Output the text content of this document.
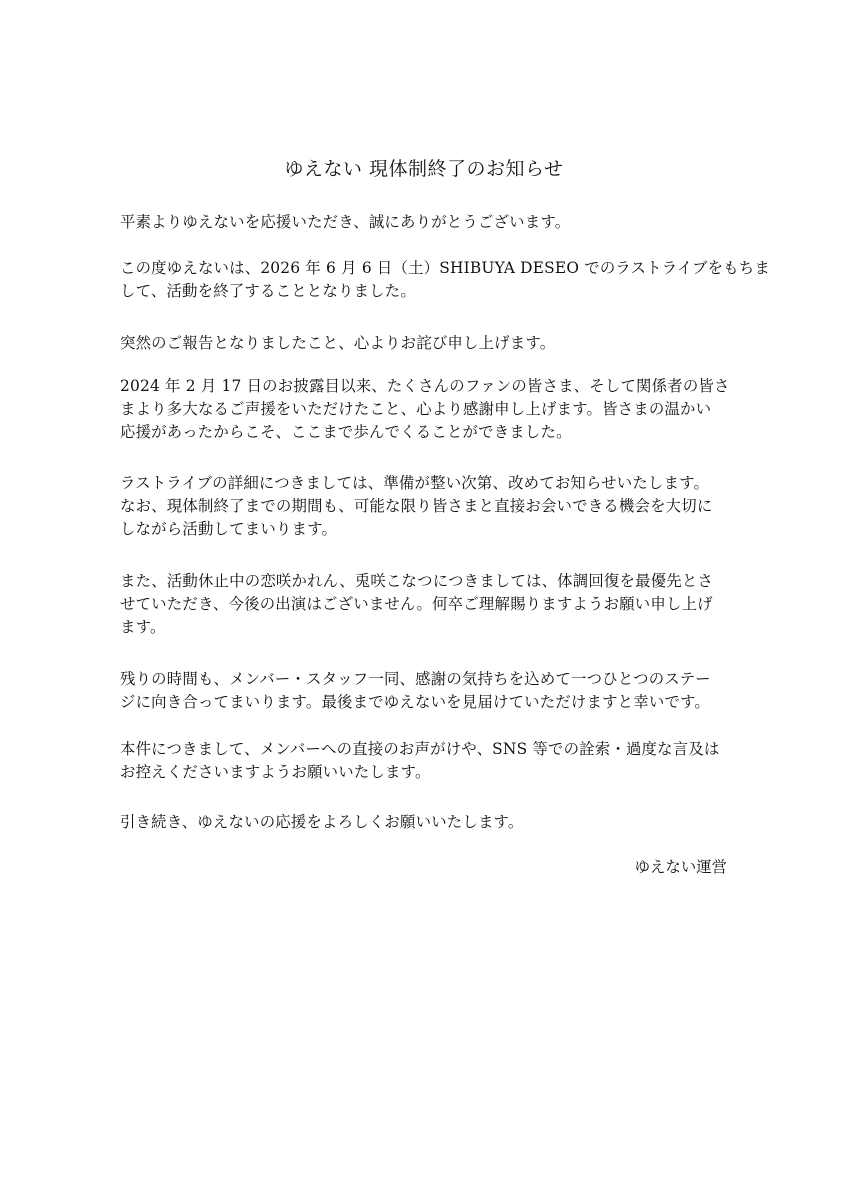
ゆえない 現体制終了のお知らせ

平素よりゆえないを応援いただき、誠にありがとうございます。

この度ゆえないは、2026 年 6 月 6 日（土）SHIBUYA DESEO でのラストライブをもちま
して、活動を終了することとなりました。

突然のご報告となりましたこと、心よりお詫び申し上げます。

2024 年 2 月 17 日のお披露目以来、たくさんのファンの皆さま、そして関係者の皆さ
まより多大なるご声援をいただけたこと、心より感謝申し上げます。皆さまの温かい
応援があったからこそ、ここまで歩んでくることができました。

ラストライブの詳細につきましては、準備が整い次第、改めてお知らせいたします。
なお、現体制終了までの期間も、可能な限り皆さまと直接お会いできる機会を大切に
しながら活動してまいります。

また、活動休止中の恋咲かれん、兎咲こなつにつきましては、体調回復を最優先とさ
せていただき、今後の出演はございません。何卒ご理解賜りますようお願い申し上げ
ます。

残りの時間も、メンバー・スタッフ一同、感謝の気持ちを込めて一つひとつのステー
ジに向き合ってまいります。最後までゆえないを見届けていただけますと幸いです。

本件につきまして、メンバーへの直接のお声がけや、SNS 等での詮索・過度な言及は
お控えくださいますようお願いいたします。

引き続き、ゆえないの応援をよろしくお願いいたします。

ゆえない運営
